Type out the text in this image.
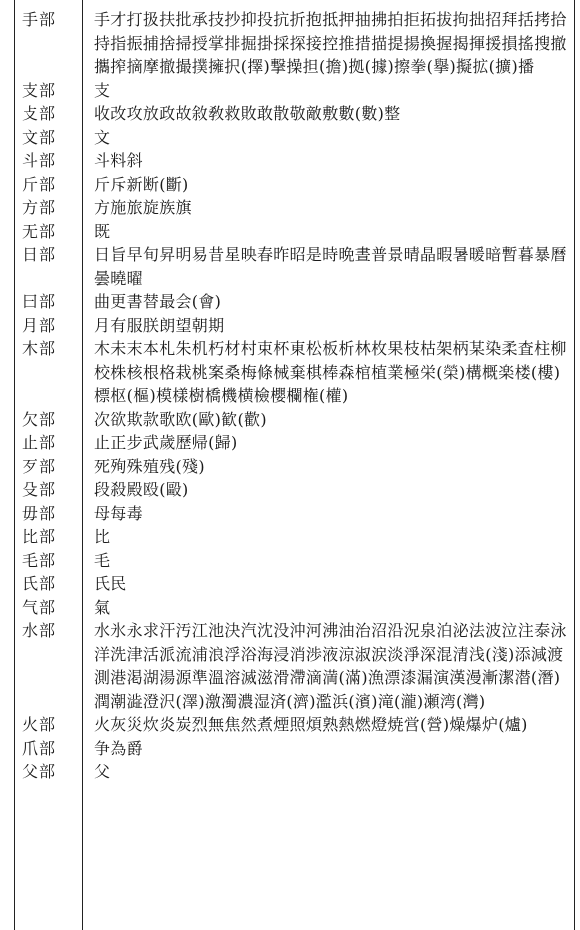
手部	手才打扱扶批承技抄抑投抗折抱抵押抽拂拍拒拓拔拘拙招拜括拷拾持指振捕捨掃授掌排掘掛採探接控推措描提揚換握揭揮援損搖搜撤攜搾摘摩撤撮撲擁択(擇)撃操担(擔)拠(據)擦拳(擧)擬拡(擴)播
支部	支
攴部	收改攻放政故敘敎救敗敢散敬敵敷數(數)整
文部	文
斗部	斗料斜
斤部	斤斥新断(斷)
方部	方施旅旋族旗
无部	既
日部	日旨早旬昇明易昔星映春昨昭是時晩晝普景晴晶暇暑暖暗暫暮暴曆曇曉曜
曰部	曲更書替最会(會)
月部	月有服朕朗望朝期
木部	木未末本札朱机朽材村束杯東松板析林枚果枝枯架柄某染柔査柱柳校株核根格栽桃案桑梅條械棄棋棒森棺植業極栄(榮)構概楽楼(樓)標枢(樞)模樣樹橋機横檢櫻欄権(權)
欠部	次欲欺款歌欧(歐)歓(歡)
止部	止正步武歲歷帰(歸)
歹部	死殉殊殖残(殘)
殳部	段殺殿殴(毆)
毋部	母每毒
比部	比
毛部	毛
氏部	氏民
气部	氣
水部	水氷永求汗汚江池決汽沈没沖河沸油治沼沿況泉泊泌法波泣注泰泳洋洗津活派流浦浪浮浴海浸消渉液涼淑涙淡淨深混清浅(淺)添減渡測港渇湖湯源準溫溶滅滋滑滯滴満(滿)漁漂漆漏演漢漫漸潔潜(潛)潤潮澁澄沢(澤)激濁濃湿済(濟)濫浜(濱)滝(瀧)瀬湾(灣)
火部	火灰災炊炎炭烈無焦然煮煙照煩熟熱燃燈焼営(營)燥爆炉(爐)
爪部	争為爵
父部	父
